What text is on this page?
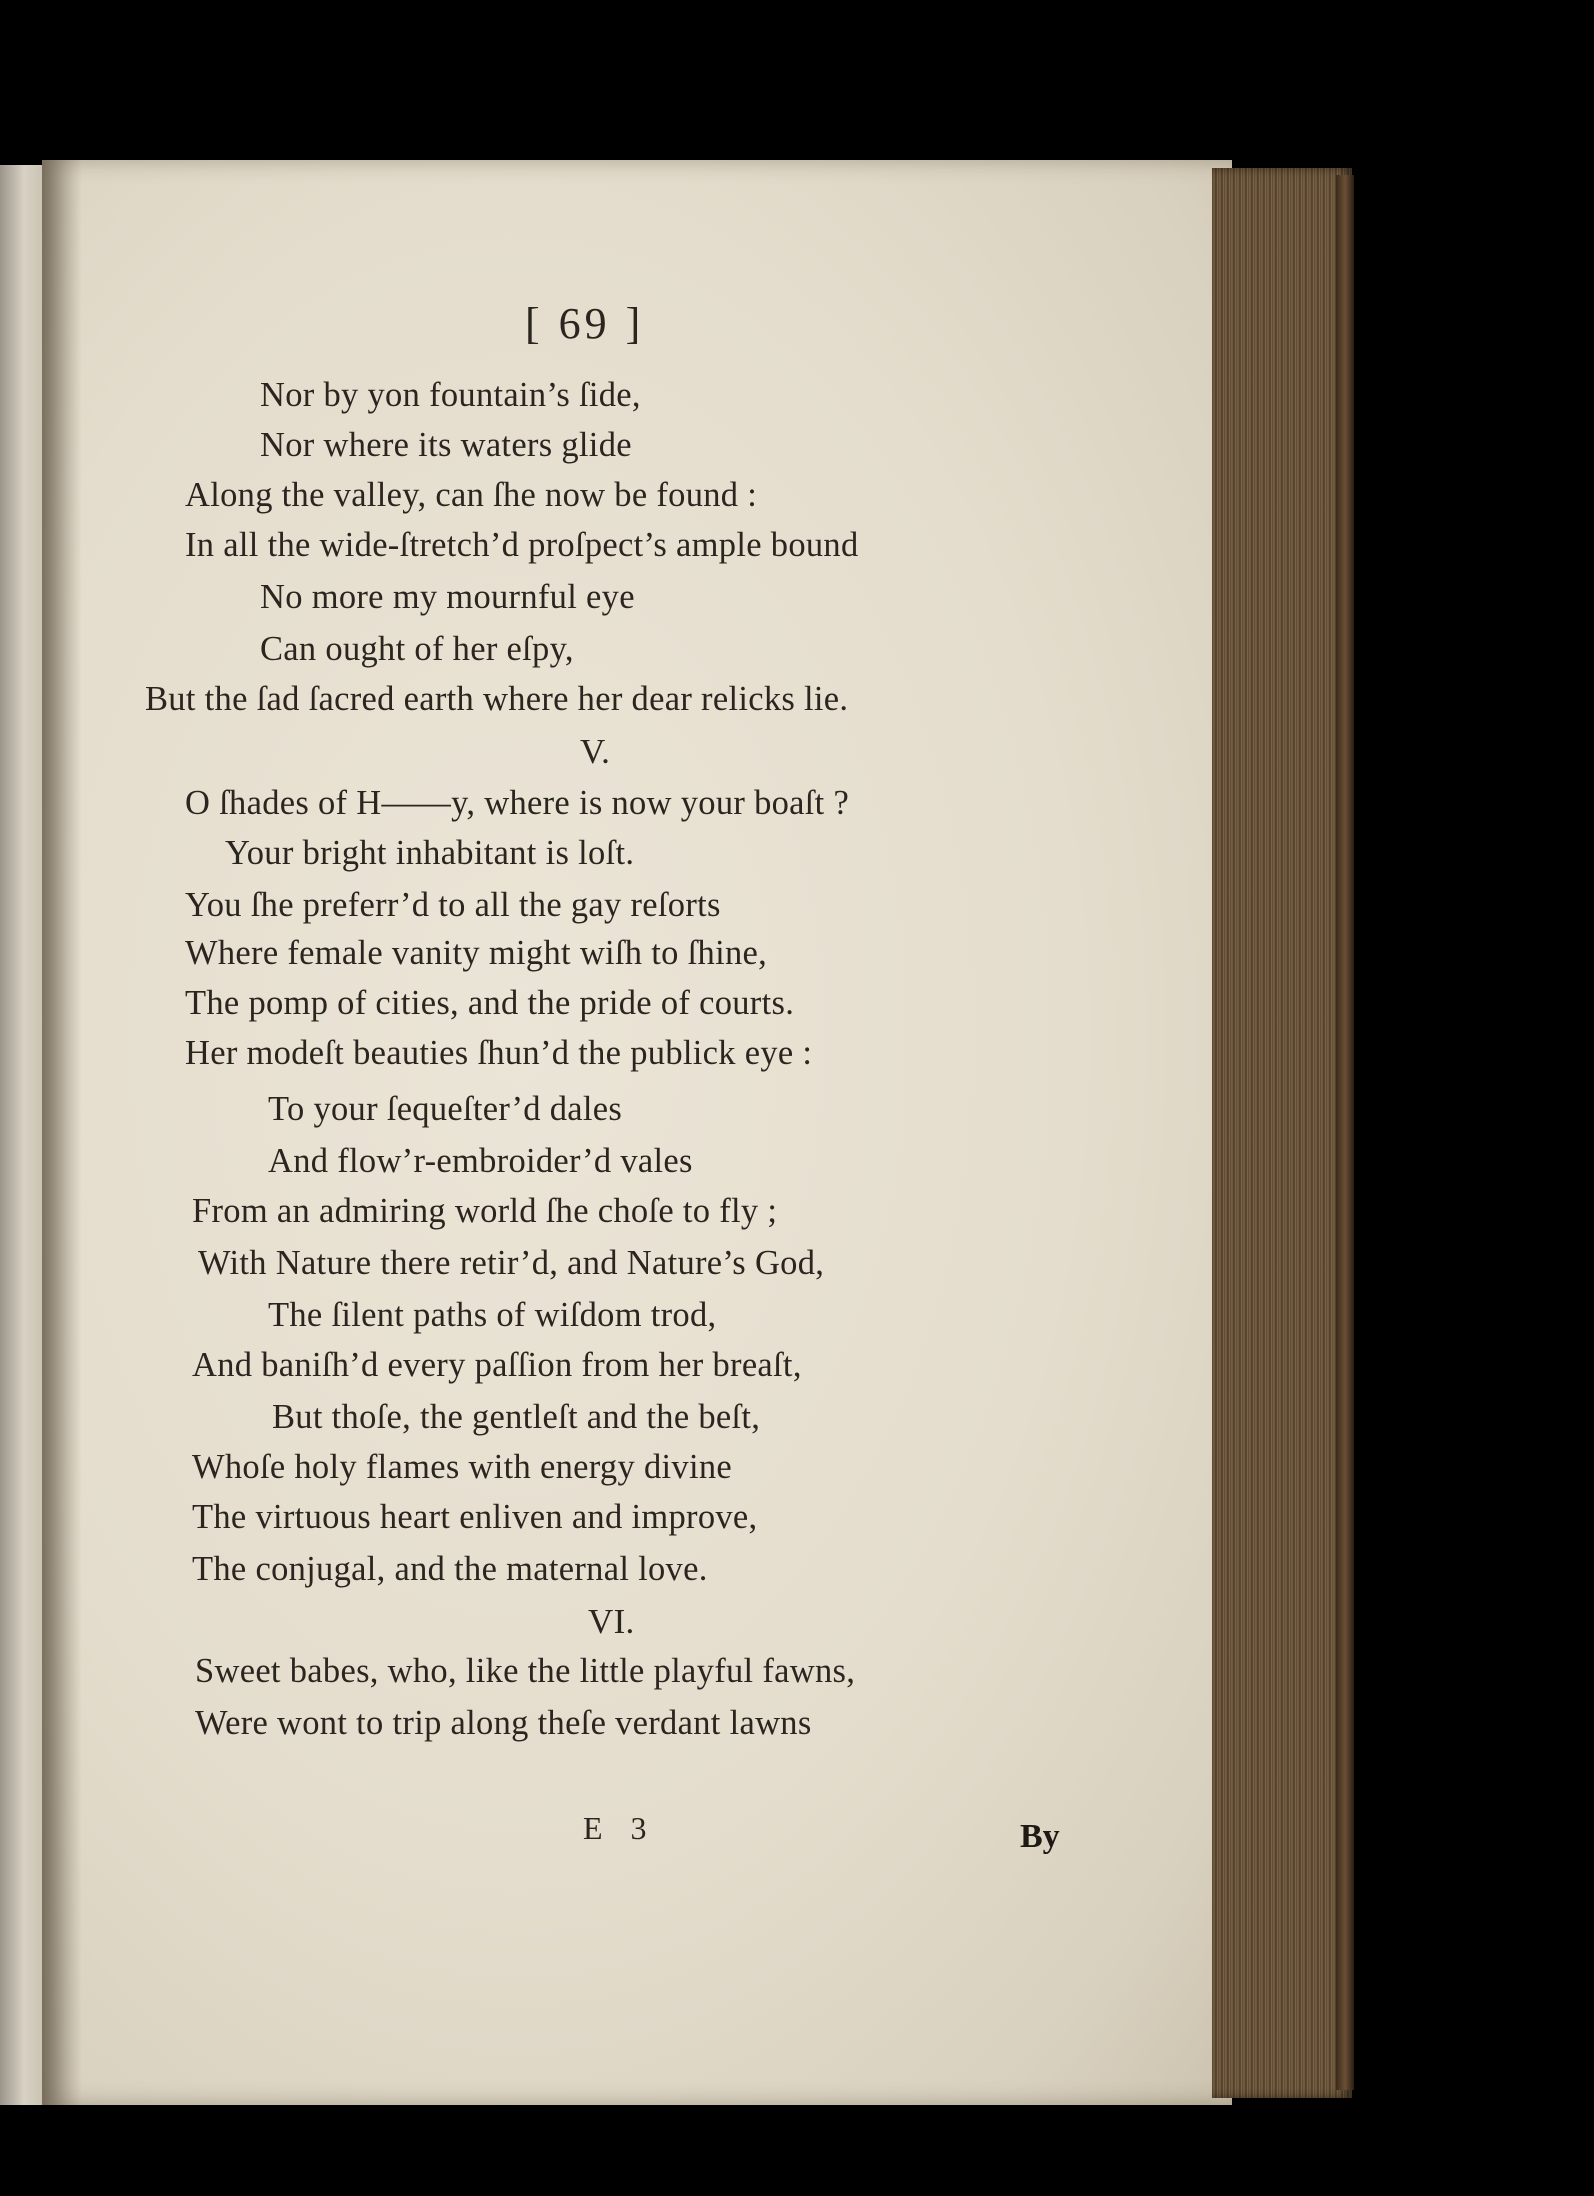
[ 69 ]
Nor by yon fountain’s ſide,
Nor where its waters glide
Along the valley, can ſhe now be found :
In all the wide-ſtretch’d proſpect’s ample bound
No more my mournful eye
Can ought of her eſpy,
But the ſad ſacred earth where her dear relicks lie.
V.
O ſhades of H——y, where is now your boaſt ?
Your bright inhabitant is loſt.
You ſhe preferr’d to all the gay reſorts
Where female vanity might wiſh to ſhine,
The pomp of cities, and the pride of courts.
Her modeſt beauties ſhun’d the publick eye :
To your ſequeſter’d dales
And flow’r-embroider’d vales
From an admiring world ſhe choſe to fly ;
With Nature there retir’d, and Nature’s God,
The ſilent paths of wiſdom trod,
And baniſh’d every paſſion from her breaſt,
But thoſe, the gentleſt and the beſt,
Whoſe holy flames with energy divine
The virtuous heart enliven and improve,
The conjugal, and the maternal love.
VI.
Sweet babes, who, like the little playful fawns,
Were wont to trip along theſe verdant lawns
E 3	By
